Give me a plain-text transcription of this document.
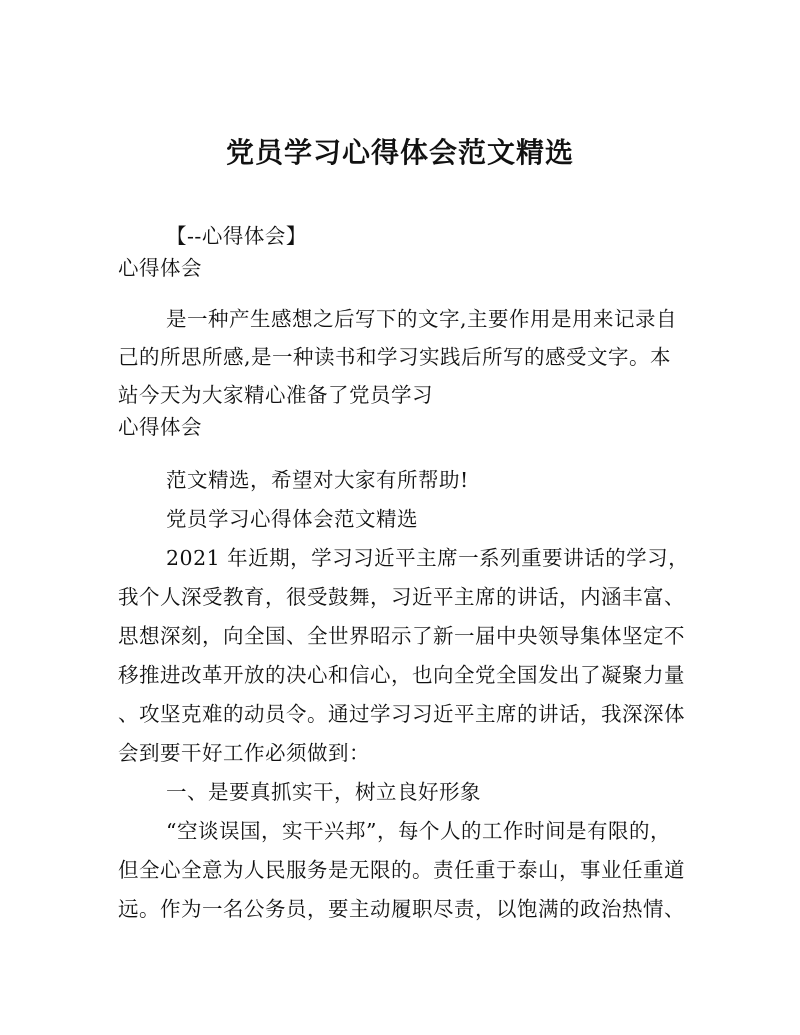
党员学习心得体会范文精选
【--心得体会】
心得体会
是一种产生感想之后写下的文字,主要作用是用来记录自
己的所思所感,是一种读书和学习实践后所写的感受文字。本
站今天为大家精心准备了党员学习
心得体会
范文精选，希望对大家有所帮助!
党员学习心得体会范文精选
2021 年近期，学习习近平主席一系列重要讲话的学习，
我个人深受教育，很受鼓舞，习近平主席的讲话，内涵丰富、
思想深刻，向全国、全世界昭示了新一届中央领导集体坚定不
移推进改革开放的决心和信心，也向全党全国发出了凝聚力量
、攻坚克难的动员令。通过学习习近平主席的讲话，我深深体
会到要干好工作必须做到：
一、是要真抓实干，树立良好形象
“空谈误国，实干兴邦”，每个人的工作时间是有限的，
但全心全意为人民服务是无限的。责任重于泰山，事业任重道
远。作为一名公务员，要主动履职尽责，以饱满的政治热情、
